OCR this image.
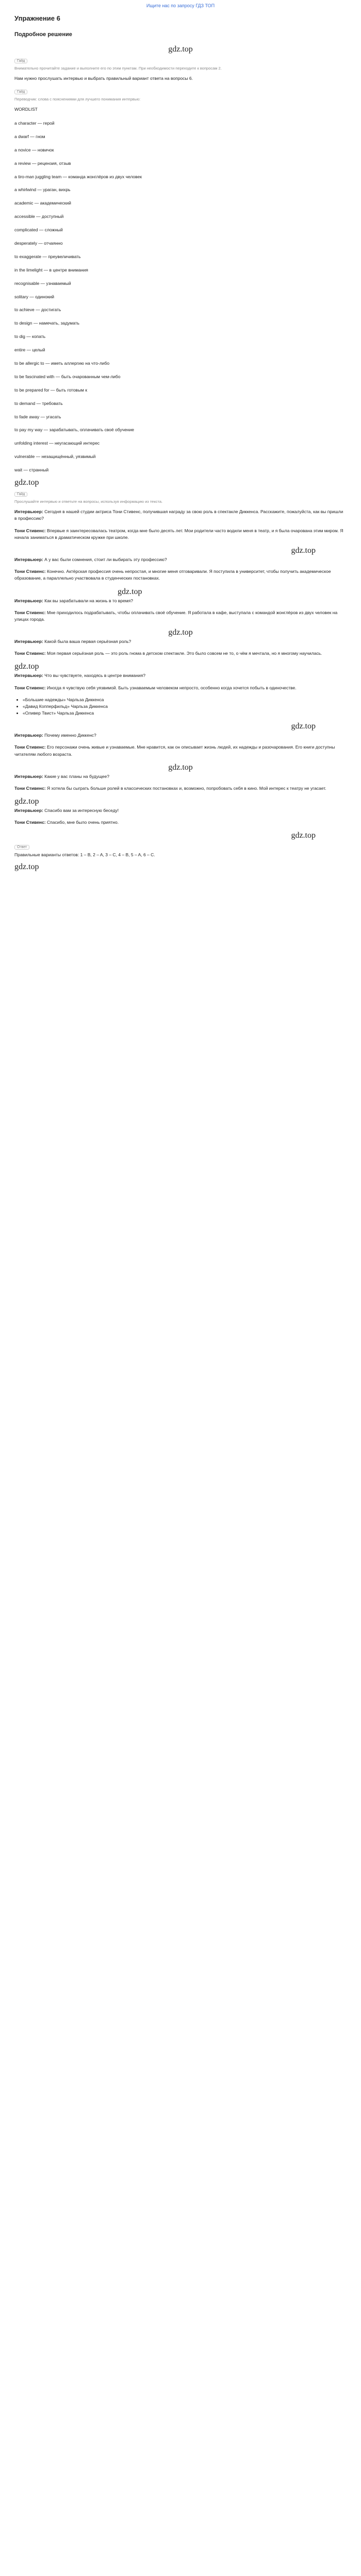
Ищите нас по запросу ГДЗ ТОП
Упражнение 6
Подробное решение
gdz.top
Гайд

Внимательно прочитайте задание и выполните его по этим пунктам. При необходимости переходите к вопросам 2.

Нам нужно прослушать интервью и выбрать правильный вариант ответа на вопросы 6.

Гайд

Переводчик: слова с пояснениями для лучшего понимания интервью:

WORDLIST

a character — герой
a dwarf — гном
a novice — новичок
a review — рецензия, отзыв
a tiro-man juggling team — команда жонглёров из двух человек
a whirlwind — ураган, вихрь
academic — академический
accessible — доступный
complicated — сложный
desperately — отчаянно
to exaggerate — преувеличивать
in the limelight — в центре внимания
recognisable — узнаваемый
solitary — одинокий
to achieve — достигать
to design — намечать, задумать
to dig — копать
entire — целый
to be allergic to — иметь аллергию на что-либо
to be fascinated with — быть очарованным чем-либо
to be prepared for — быть готовым к
to demand — требовать
to fade away — угасать
to pay my way — зарабатывать, оплачивать своё обучение
unfolding interest — неугасающий интерес
vulnerable — незащищённый, уязвимый
wait — странный
gdz.top
Гайд

Прослушайте интервью и ответьте на вопросы, используя информацию из текста.

Интервьюер: Сегодня в нашей студии актриса Тони Стивенс, получившая награду за свою роль в спектакле Диккенса. Расскажите, пожалуйста, как вы пришли в профессию?

Тони Стивенс: Впервые я заинтересовалась театром, когда мне было десять лет. Мои родители часто водили меня в театр, и я была очарована этим миром. Я начала заниматься в драматическом кружке при школе.

gdz.top

Интервьюер: А у вас были сомнения, стоит ли выбирать эту профессию?

Тони Стивенс: Конечно. Актёрская профессия очень непростая, и многие меня отговаривали. Я поступила в университет, чтобы получить академическое образование, а параллельно участвовала в студенческих постановках.

gdz.top

Интервьюер: Как вы зарабатывали на жизнь в то время?

Тони Стивенс: Мне приходилось подрабатывать, чтобы оплачивать своё обучение. Я работала в кафе, выступала с командой жонглёров из двух человек на улицах города.

gdz.top

Интервьюер: Какой была ваша первая серьёзная роль?

Тони Стивенс: Моя первая серьёзная роль — это роль гнома в детском спектакле. Это было совсем не то, о чём я мечтала, но я многому научилась.

gdz.top

Интервьюер: Что вы чувствуете, находясь в центре внимания?

Тони Стивенс: Иногда я чувствую себя уязвимой. Быть узнаваемым человеком непросто, особенно когда хочется побыть в одиночестве.

• «Большие надежды» Чарльза Диккенса
• «Давид Копперфильд» Чарльза Диккенса
• «Оливер Твист» Чарльза Диккенса
gdz.top

Интервьюер: Почему именно Диккенс?

Тони Стивенс: Его персонажи очень живые и узнаваемые. Мне нравится, как он описывает жизнь людей, их надежды и разочарования. Его книги доступны читателям любого возраста.

gdz.top

Интервьюер: Какие у вас планы на будущее?

Тони Стивенс: Я хотела бы сыграть больше ролей в классических постановках и, возможно, попробовать себя в кино. Мой интерес к театру не угасает.

gdz.top

Интервьюер: Спасибо вам за интересную беседу!

Тони Стивенс: Спасибо, мне было очень приятно.

gdz.top
Ответ

Правильные варианты ответов: 1 – B, 2 – A, 3 – C, 4 – B, 5 – A, 6 – C.

gdz.top
